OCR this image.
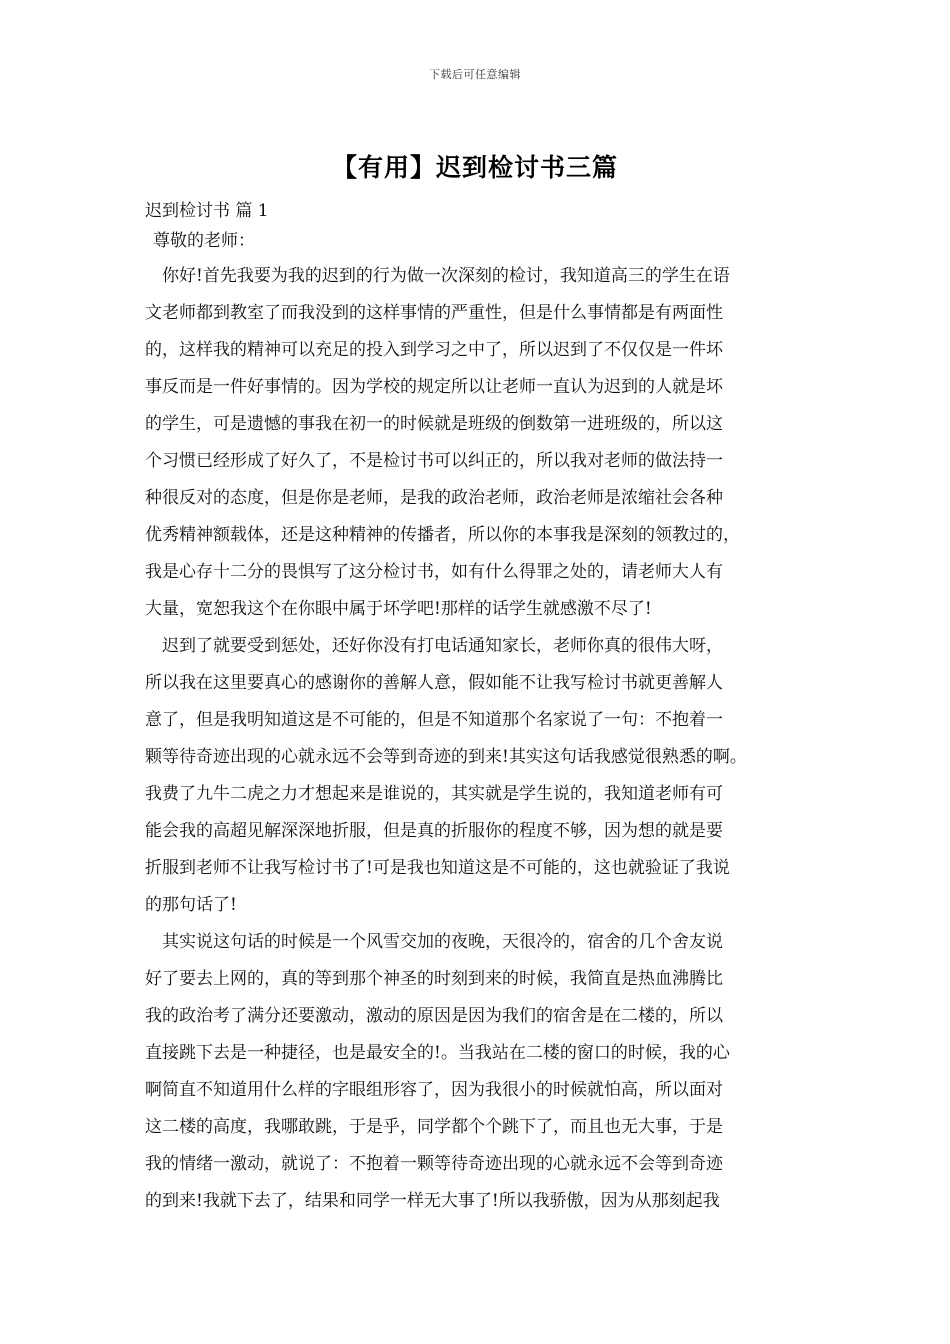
下载后可任意编辑
【有用】迟到检讨书三篇

迟到检讨书 篇 1

尊敬的老师：

你好!首先我要为我的迟到的行为做一次深刻的检讨，我知道高三的学生在语
文老师都到教室了而我没到的这样事情的严重性，但是什么事情都是有两面性
的，这样我的精神可以充足的投入到学习之中了，所以迟到了不仅仅是一件坏
事反而是一件好事情的。因为学校的规定所以让老师一直认为迟到的人就是坏
的学生，可是遗憾的事我在初一的时候就是班级的倒数第一进班级的，所以这
个习惯已经形成了好久了，不是检讨书可以纠正的，所以我对老师的做法持一
种很反对的态度，但是你是老师，是我的政治老师，政治老师是浓缩社会各种
优秀精神额载体，还是这种精神的传播者，所以你的本事我是深刻的领教过的，
我是心存十二分的畏惧写了这分检讨书，如有什么得罪之处的，请老师大人有
大量，宽恕我这个在你眼中属于坏学吧!那样的话学生就感激不尽了!
迟到了就要受到惩处，还好你没有打电话通知家长，老师你真的很伟大呀，
所以我在这里要真心的感谢你的善解人意，假如能不让我写检讨书就更善解人
意了，但是我明知道这是不可能的，但是不知道那个名家说了一句：不抱着一
颗等待奇迹出现的心就永远不会等到奇迹的到来!其实这句话我感觉很熟悉的啊。
我费了九牛二虎之力才想起来是谁说的，其实就是学生说的，我知道老师有可
能会我的高超见解深深地折服，但是真的折服你的程度不够，因为想的就是要
折服到老师不让我写检讨书了!可是我也知道这是不可能的，这也就验证了我说
的那句话了!
其实说这句话的时候是一个风雪交加的夜晚，天很冷的，宿舍的几个舍友说
好了要去上网的，真的等到那个神圣的时刻到来的时候，我简直是热血沸腾比
我的政治考了满分还要激动，激动的原因是因为我们的宿舍是在二楼的，所以
直接跳下去是一种捷径，也是最安全的!。当我站在二楼的窗口的时候，我的心
啊简直不知道用什么样的字眼组形容了，因为我很小的时候就怕高，所以面对
这二楼的高度，我哪敢跳，于是乎，同学都个个跳下了，而且也无大事，于是
我的情绪一激动，就说了：不抱着一颗等待奇迹出现的心就永远不会等到奇迹
的到来!我就下去了，结果和同学一样无大事了!所以我骄傲，因为从那刻起我
